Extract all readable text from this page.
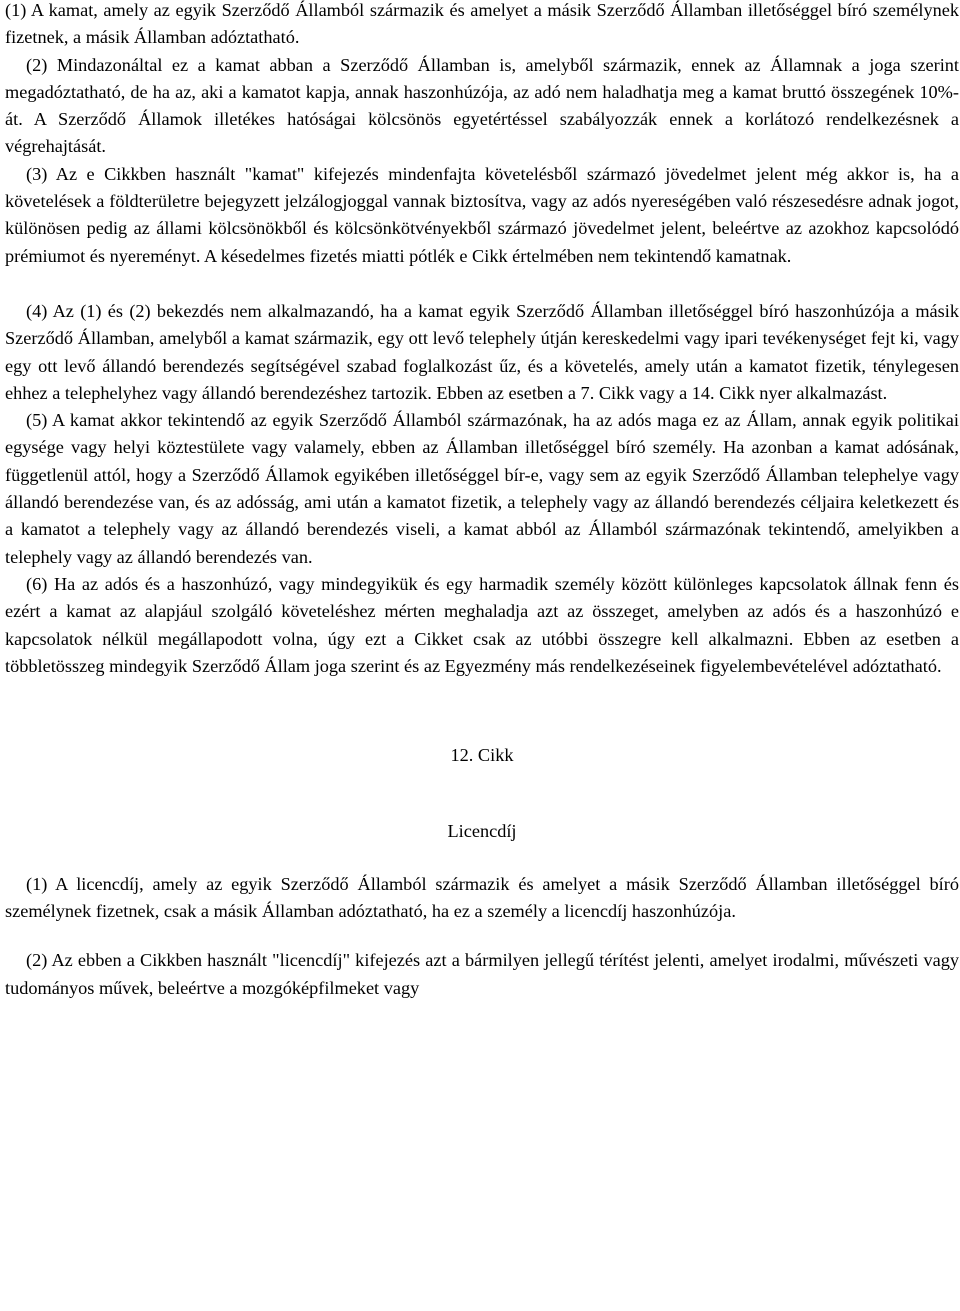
(1) A kamat, amely az egyik Szerződő Államból származik és amelyet a másik Szerződő Államban illetőséggel bíró személynek fizetnek, a másik Államban adóztatható.

(2) Mindazonáltal ez a kamat abban a Szerződő Államban is, amelyből származik, ennek az Államnak a joga szerint megadóztatható, de ha az, aki a kamatot kapja, annak haszonhúzója, az adó nem haladhatja meg a kamat bruttó összegének 10%-át. A Szerződő Államok illetékes hatóságai kölcsönös egyetértéssel szabályozzák ennek a korlátozó rendelkezésnek a végrehajtását.

(3) Az e Cikkben használt "kamat" kifejezés mindenfajta követelésből származó jövedelmet jelent még akkor is, ha a követelések a földterületre bejegyzett jelzálogjoggal vannak biztosítva, vagy az adós nyereségében való részesedésre adnak jogot, különösen pedig az állami kölcsönökből és kölcsönkötvényekből származó jövedelmet jelent, beleértve az azokhoz kapcsolódó prémiumot és nyereményt. A késedelmes fizetés miatti pótlék e Cikk értelmében nem tekintendő kamatnak.

(4) Az (1) és (2) bekezdés nem alkalmazandó, ha a kamat egyik Szerződő Államban illetőséggel bíró haszonhúzója a másik Szerződő Államban, amelyből a kamat származik, egy ott levő telephely útján kereskedelmi vagy ipari tevékenységet fejt ki, vagy egy ott levő állandó berendezés segítségével szabad foglalkozást űz, és a követelés, amely után a kamatot fizetik, ténylegesen ehhez a telephelyhez vagy állandó berendezéshez tartozik. Ebben az esetben a 7. Cikk vagy a 14. Cikk nyer alkalmazást.

(5) A kamat akkor tekintendő az egyik Szerződő Államból származónak, ha az adós maga ez az Állam, annak egyik politikai egysége vagy helyi köztestülete vagy valamely, ebben az Államban illetőséggel bíró személy. Ha azonban a kamat adósának, függetlenül attól, hogy a Szerződő Államok egyikében illetőséggel bír-e, vagy sem az egyik Szerződő Államban telephelye vagy állandó berendezése van, és az adósság, ami után a kamatot fizetik, a telephely vagy az állandó berendezés céljaira keletkezett és a kamatot a telephely vagy az állandó berendezés viseli, a kamat abból az Államból származónak tekintendő, amelyikben a telephely vagy az állandó berendezés van.

(6) Ha az adós és a haszonhúzó, vagy mindegyikük és egy harmadik személy között különleges kapcsolatok állnak fenn és ezért a kamat az alapjául szolgáló követeléshez mérten meghaladja azt az összeget, amelyben az adós és a haszonhúzó e kapcsolatok nélkül megállapodott volna, úgy ezt a Cikket csak az utóbbi összegre kell alkalmazni. Ebben az esetben a többletösszeg mindegyik Szerződő Állam joga szerint és az Egyezmény más rendelkezéseinek figyelembevételével adóztatható.

12. Cikk

Licencdíj

(1) A licencdíj, amely az egyik Szerződő Államból származik és amelyet a másik Szerződő Államban illetőséggel bíró személynek fizetnek, csak a másik Államban adóztatható, ha ez a személy a licencdíj haszonhúzója.

(2) Az ebben a Cikkben használt "licencdíj" kifejezés azt a bármilyen jellegű térítést jelenti, amelyet irodalmi, művészeti vagy tudományos művek, beleértve a mozgóképfilmeket vagy
